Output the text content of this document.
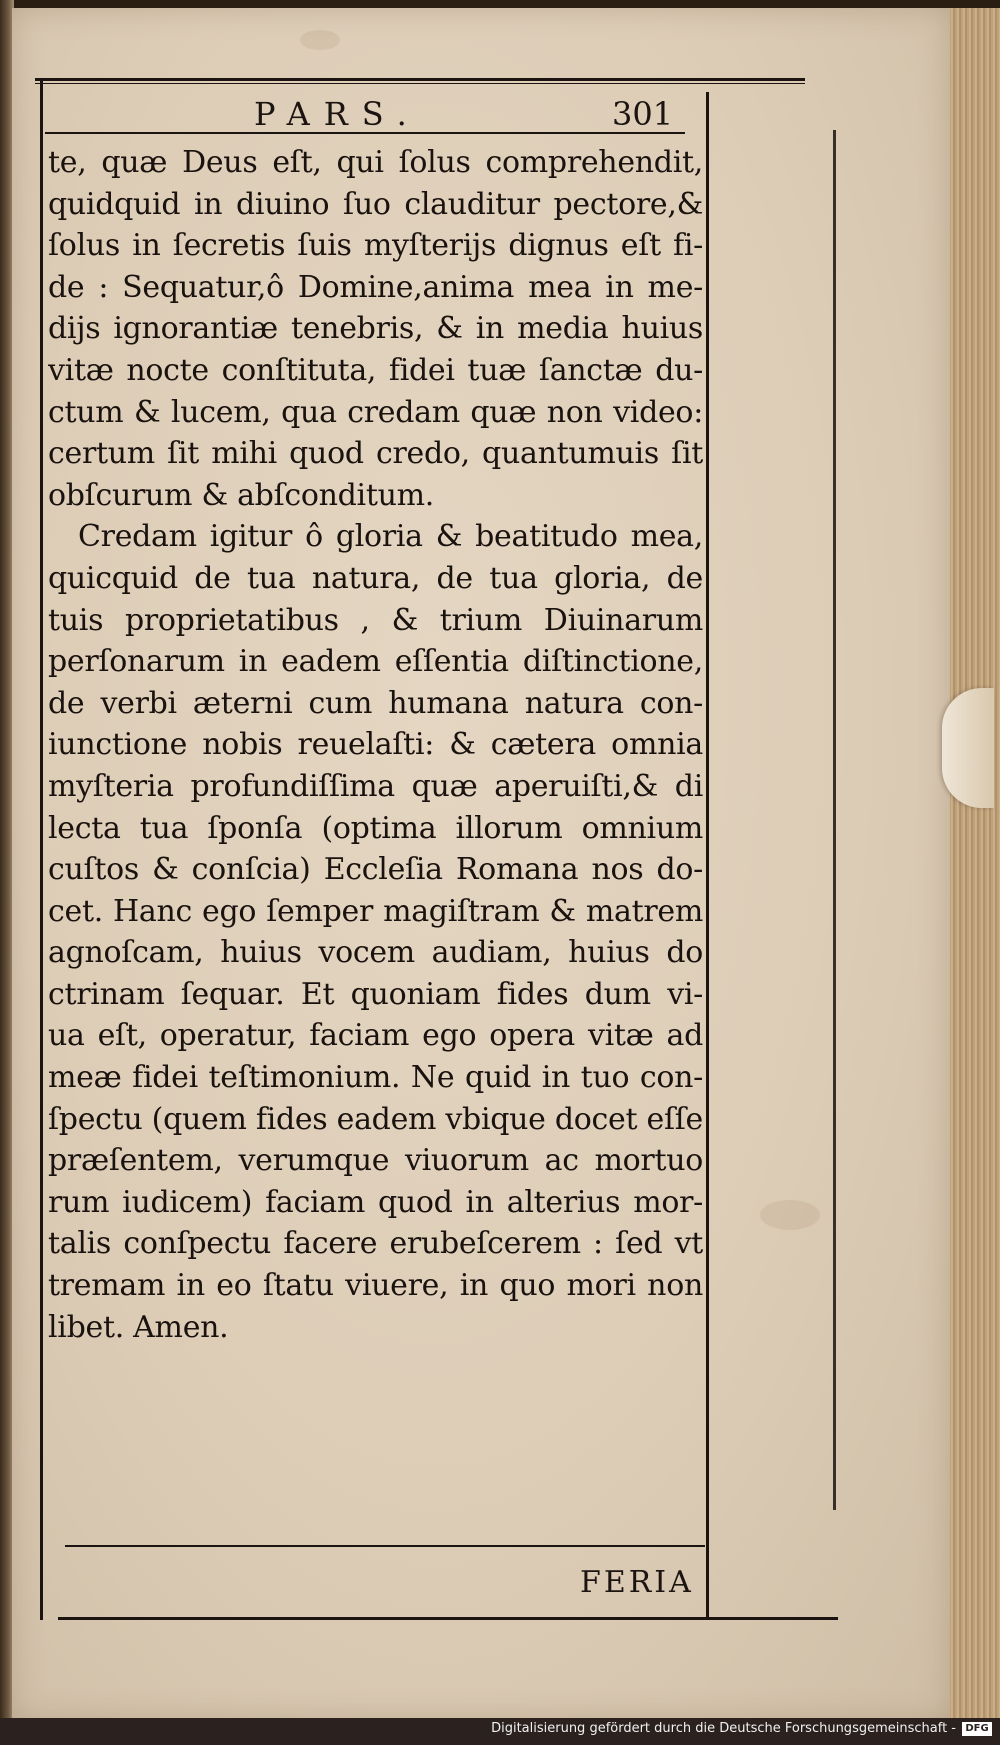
PARS.	301
te, quæ Deus eſt, qui ſolus comprehendit,
quidquid in diuino ſuo clauditur pectore,&
ſolus in ſecretis ſuis myſterijs dignus eſt fi-
de : Sequatur,ô Domine,anima mea in me-
dijs ignorantiæ tenebris, & in media huius
vitæ nocte conſtituta, fidei tuæ ſanctæ du-
ctum & lucem, qua credam quæ non video:
certum ſit mihi quod credo, quantumuis ſit
obſcurum & abſconditum.
Credam igitur ô gloria & beatitudo mea,
quicquid de tua natura, de tua gloria, de
tuis proprietatibus , & trium Diuinarum
perſonarum in eadem eſſentia diſtinctione,
de verbi æterni cum humana natura con-
iunctione nobis reuelaſti: & cætera omnia
myſteria profundiſſima quæ aperuiſti,& di
lecta tua ſponſa (optima illorum omnium
cuſtos & conſcia) Eccleſia Romana nos do-
cet. Hanc ego ſemper magiſtram & matrem
agnoſcam, huius vocem audiam, huius do
ctrinam ſequar. Et quoniam fides dum vi-
ua eſt, operatur, faciam ego opera vitæ ad
meæ fidei teſtimonium. Ne quid in tuo con-
ſpectu (quem fides eadem vbique docet eſſe
præſentem, verumque viuorum ac mortuo
rum iudicem) faciam quod in alterius mor-
talis conſpectu facere erubeſcerem : ſed vt
tremam in eo ſtatu viuere, in quo mori non
libet. Amen.
FERIA
Digitalisierung gefördert durch die Deutsche Forschungsgemeinschaft - DFG
